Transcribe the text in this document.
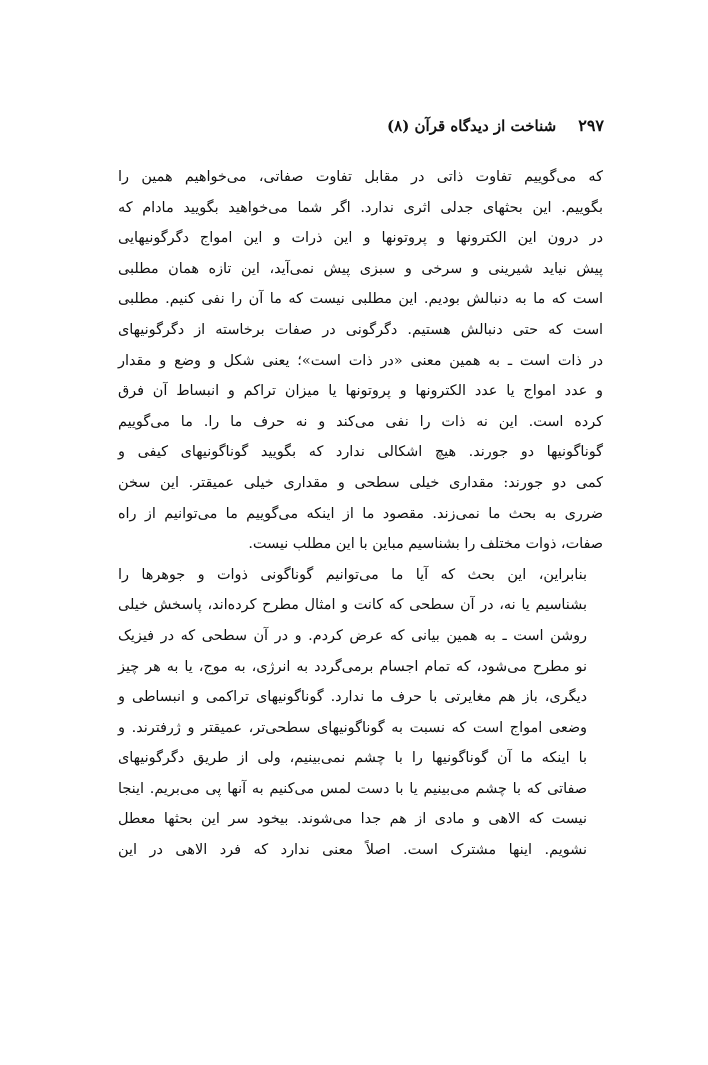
۲۹۷
شناخت از دیدگاه قرآن (۸)
که می‌گوییم تفاوت ذاتی در مقابل تفاوت صفاتی، می‌خواهیم همین را
بگوییم. این بحثهای جدلی اثری ندارد. اگر شما می‌خواهید بگویید مادام که
در درون این الکترونها و پروتونها و این ذرات و این امواج دگرگونیهایی
پیش نیاید شیرینی و سرخی و سبزی پیش نمی‌آید، این تازه همان مطلبی
است که ما به دنبالش بودیم. این مطلبی نیست که ما آن را نفی کنیم. مطلبی
است که حتی دنبالش هستیم. دگرگونی در صفات برخاسته از دگرگونیهای
در ذات است ـ به همین معنی «در ذات است»؛ یعنی شکل و وضع و مقدار
و عدد امواج یا عدد الکترونها و پروتونها یا میزان تراکم و انبساط آن فرق
کرده است. این نه ذات را نفی می‌کند و نه حرف ما را. ما می‌گوییم
گوناگونیها دو جورند. هیچ اشکالی ندارد که بگویید گوناگونیهای کیفی و
کمی دو جورند: مقداری خیلی سطحی و مقداری خیلی عمیقتر. این سخن
ضرری به بحث ما نمی‌زند. مقصود ما از اینکه می‌گوییم ما می‌توانیم از راه
صفات، ذوات مختلف را بشناسیم مباین با این مطلب نیست.
بنابراین، این بحث که آیا ما می‌توانیم گوناگونی ذوات و جوهرها را
بشناسیم یا نه، در آن سطحی که کانت و امثال مطرح کرده‌اند، پاسخش خیلی
روشن است ـ به همین بیانی که عرض کردم. و در آن سطحی که در فیزیک
نو مطرح می‌شود، که تمام اجسام برمی‌گردد به انرژی، به موج، یا به هر چیز
دیگری، باز هم مغایرتی با حرف ما ندارد. گوناگونیهای تراکمی و انبساطی و
وضعی امواج است که نسبت به گوناگونیهای سطحی‌تر، عمیقتر و ژرفترند. و
با اینکه ما آن گوناگونیها را با چشم نمی‌بینیم، ولی از طریق دگرگونیهای
صفاتی که با چشم می‌بینیم یا با دست لمس می‌کنیم به آنها پی می‌بریم. اینجا
نیست که الاهی و مادی از هم جدا می‌شوند. بیخود سر این بحثها معطل
نشویم. اینها مشترک است. اصلاً معنی ندارد که فرد الاهی در این
